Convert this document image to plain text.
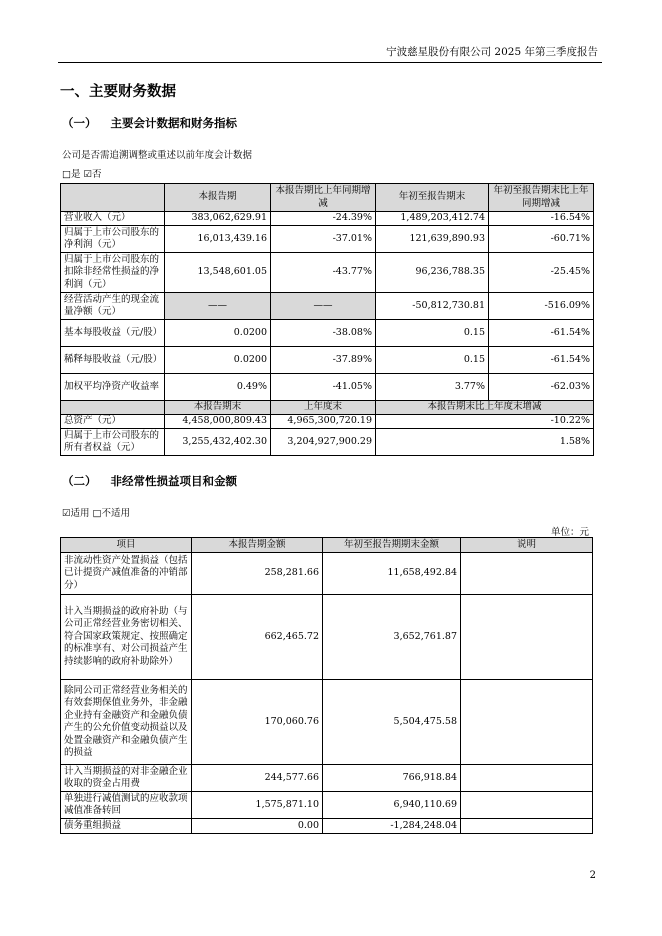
宁波慈星股份有限公司 2025 年第三季度报告
一、主要财务数据
（一） 主要会计数据和财务指标
公司是否需追溯调整或重述以前年度会计数据
□是 ☑否
	本报告期	本报告期比上年同期增减	年初至报告期末	年初至报告期末比上年同期增减
营业收入（元）	383,062,629.91	-24.39%	1,489,203,412.74	-16.54%
归属于上市公司股东的净利润（元）	16,013,439.16	-37.01%	121,639,890.93	-60.71%
归属于上市公司股东的扣除非经常性损益的净利润（元）	13,548,601.05	-43.77%	96,236,788.35	-25.45%
经营活动产生的现金流量净额（元）	——	——	-50,812,730.81	-516.09%
基本每股收益（元/股）	0.0200	-38.08%	0.15	-61.54%
稀释每股收益（元/股）	0.0200	-37.89%	0.15	-61.54%
加权平均净资产收益率	0.49%	-41.05%	3.77%	-62.03%
	本报告期末	上年度末	本报告期末比上年度末增减	
总资产（元）	4,458,000,809.43	4,965,300,720.19	-10.22%	
归属于上市公司股东的所有者权益（元）	3,255,432,402.30	3,204,927,900.29	1.58%	
（二） 非经常性损益项目和金额
☑适用 □不适用
单位：元
项目	本报告期金额	年初至报告期期末金额	说明
非流动性资产处置损益（包括已计提资产减值准备的冲销部分）	258,281.66	11,658,492.84	
计入当期损益的政府补助（与公司正常经营业务密切相关、符合国家政策规定、按照确定的标准享有、对公司损益产生持续影响的政府补助除外）	662,465.72	3,652,761.87	
除同公司正常经营业务相关的有效套期保值业务外，非金融企业持有金融资产和金融负债产生的公允价值变动损益以及处置金融资产和金融负债产生的损益	170,060.76	5,504,475.58	
计入当期损益的对非金融企业收取的资金占用费	244,577.66	766,918.84	
单独进行减值测试的应收款项减值准备转回	1,575,871.10	6,940,110.69	
债务重组损益	0.00	-1,284,248.04	
2
